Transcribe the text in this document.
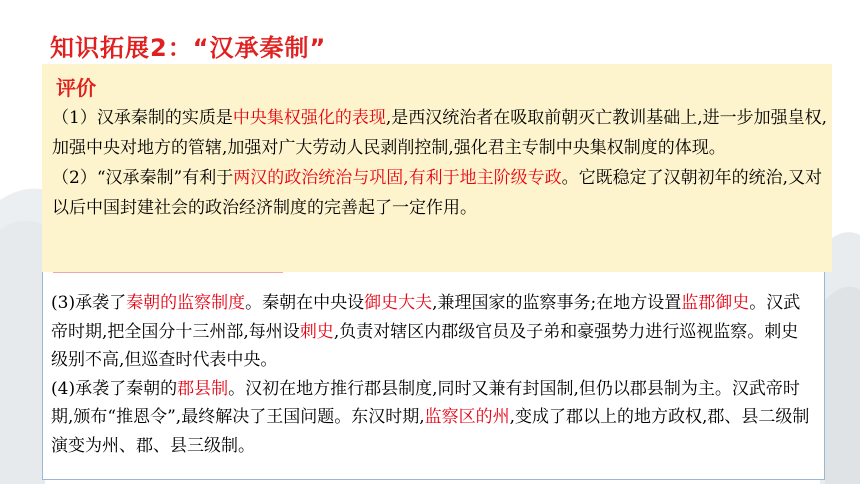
知识拓展2：“汉承秦制”

(3)承袭了秦朝的监察制度。秦朝在中央设御史大夫,兼理国家的监察事务;在地方设置监郡御史。汉武帝时期,把全国分十三州部,每州设刺史,负责对辖区内郡级官员及子弟和豪强势力进行巡视监察。刺史级别不高,但巡查时代表中央。

(4)承袭了秦朝的郡县制。汉初在地方推行郡县制度,同时又兼有封国制,但仍以郡县制为主。汉武帝时期,颁布“推恩令”,最终解决了王国问题。东汉时期,监察区的州,变成了郡以上的地方政权,郡、县二级制演变为州、郡、县三级制。

评价

（1）汉承秦制的实质是中央集权强化的表现,是西汉统治者在吸取前朝灭亡教训基础上,进一步加强皇权,加强中央对地方的管辖,加强对广大劳动人民剥削控制,强化君主专制中央集权制度的体现。

（2）“汉承秦制”有利于两汉的政治统治与巩固,有利于地主阶级专政。它既稳定了汉朝初年的统治,又对以后中国封建社会的政治经济制度的完善起了一定作用。
